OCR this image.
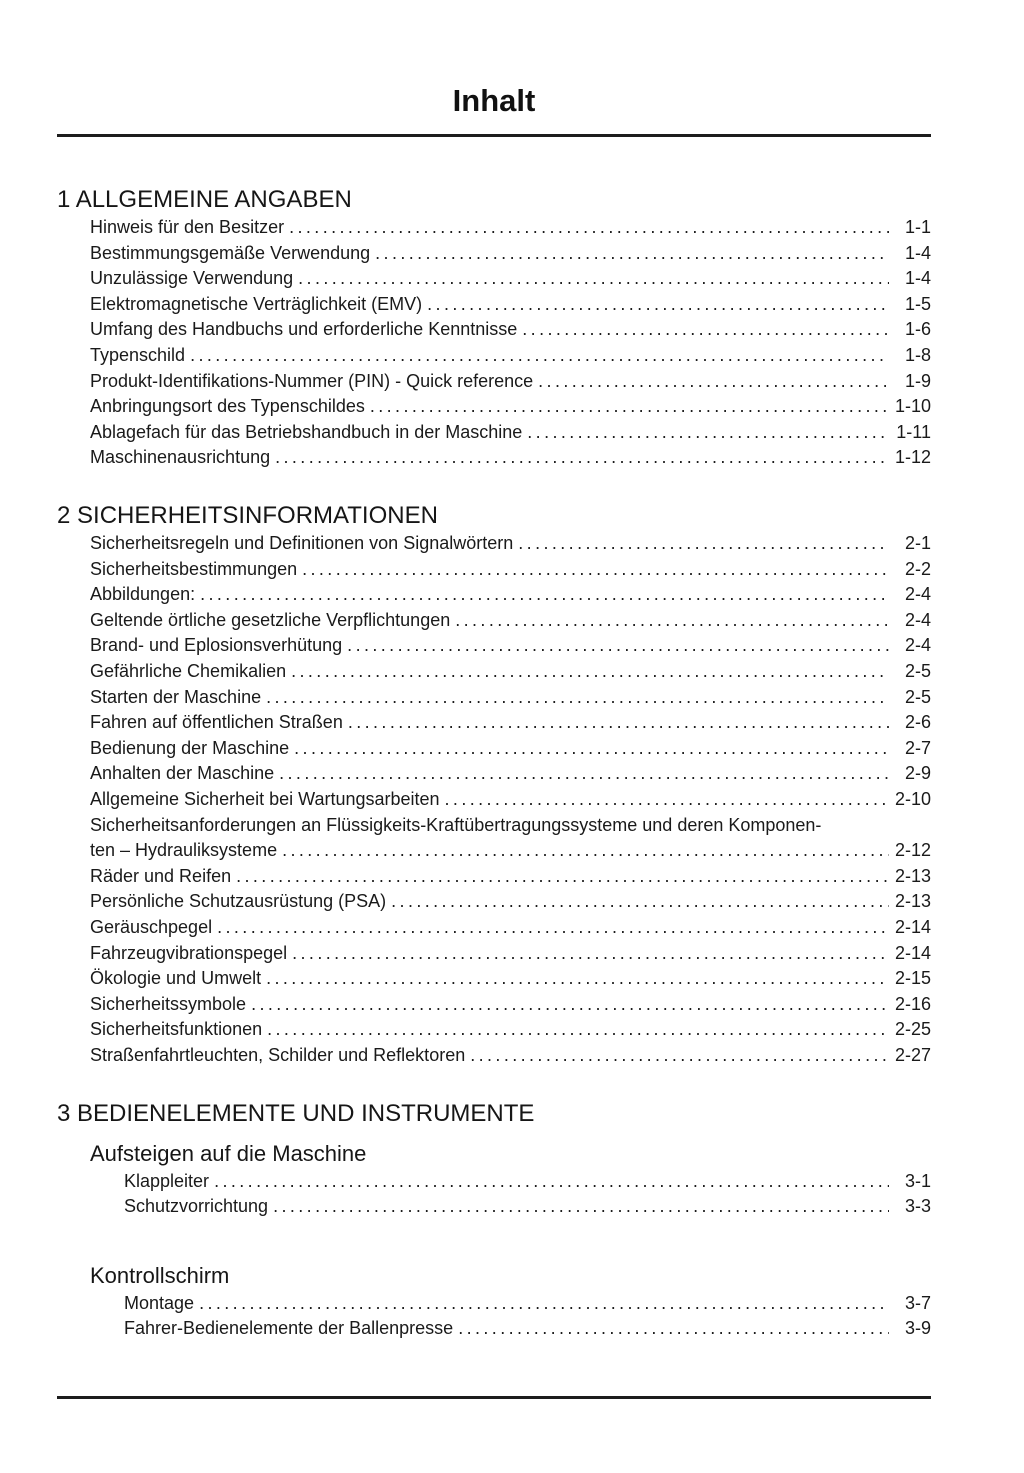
Inhalt
1 ALLGEMEINE ANGABEN
Hinweis für den Besitzer .....	1-1
Bestimmungsgemäße Verwendung .....	1-4
Unzulässige Verwendung .....	1-4
Elektromagnetische Verträglichkeit (EMV) .....	1-5
Umfang des Handbuchs und erforderliche Kenntnisse .....	1-6
Typenschild .....	1-8
Produkt-Identifikations-Nummer (PIN) - Quick reference .....	1-9
Anbringungsort des Typenschildes .....	1-10
Ablagefach für das Betriebshandbuch in der Maschine .....	1-11
Maschinenausrichtung .....	1-12
2 SICHERHEITSINFORMATIONEN
Sicherheitsregeln und Definitionen von Signalwörtern .....	2-1
Sicherheitsbestimmungen .....	2-2
Abbildungen: .....	2-4
Geltende örtliche gesetzliche Verpflichtungen .....	2-4
Brand- und Eplosionsverhütung .....	2-4
Gefährliche Chemikalien .....	2-5
Starten der Maschine .....	2-5
Fahren auf öffentlichen Straßen .....	2-6
Bedienung der Maschine .....	2-7
Anhalten der Maschine .....	2-9
Allgemeine Sicherheit bei Wartungsarbeiten .....	2-10
Sicherheitsanforderungen an Flüssigkeits-Kraftübertragungssysteme und deren Komponen-
ten – Hydrauliksysteme .....	2-12
Räder und Reifen .....	2-13
Persönliche Schutzausrüstung (PSA) .....	2-13
Geräuschpegel .....	2-14
Fahrzeugvibrationspegel .....	2-14
Ökologie und Umwelt .....	2-15
Sicherheitssymbole .....	2-16
Sicherheitsfunktionen .....	2-25
Straßenfahrtleuchten, Schilder und Reflektoren .....	2-27
3 BEDIENELEMENTE UND INSTRUMENTE
Aufsteigen auf die Maschine
Klappleiter .....	3-1
Schutzvorrichtung .....	3-3
Kontrollschirm
Montage .....	3-7
Fahrer-Bedienelemente der Ballenpresse .....	3-9
